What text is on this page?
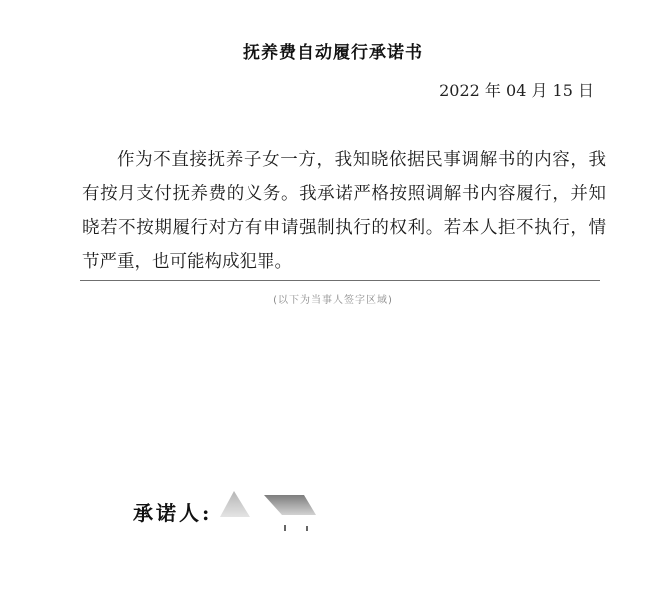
抚养费自动履行承诺书
2022 年 04 月 15 日

作为不直接抚养子女一方，我知晓依据民事调解书的内容，我有按月支付抚养费的义务。我承诺严格按照调解书内容履行，并知晓若不按期履行对方有申请强制执行的权利。若本人拒不执行，情节严重，也可能构成犯罪。

(以下为当事人签字区域)
承诺人:
